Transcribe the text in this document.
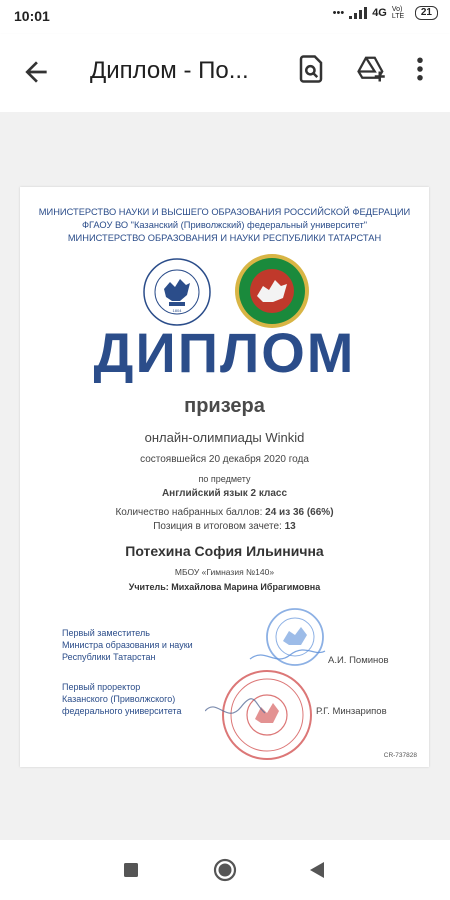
10:01	•••	4G Vo) LTE	21
Диплом - По...
МИНИСТЕРСТВО НАУКИ И ВЫСШЕГО ОБРАЗОВАНИЯ РОССИЙСКОЙ ФЕДЕРАЦИИ
ФГАОУ ВО "Казанский (Приволжский) федеральный университет"
МИНИСТЕРСТВО ОБРАЗОВАНИЯ И НАУКИ РЕСПУБЛИКИ ТАТАРСТАН
1804
ДИПЛОМ
призера
онлайн-олимпиады Winkid
состоявшейся 20 декабря 2020 года
по предмету
Английский язык 2 класс
Количество набранных баллов: 24 из 36 (66%)
Позиция в итоговом зачете: 13
Потехина София Ильинична
МБОУ «Гимназия №140»
Учитель: Михайлова Марина Ибрагимовна
Первый заместитель
Министра образования и науки
Республики Татарстан	А.И. Поминов
Первый проректор
Казанского (Приволжского)
федерального университета	Р.Г. Минзарипов
CR-737828
